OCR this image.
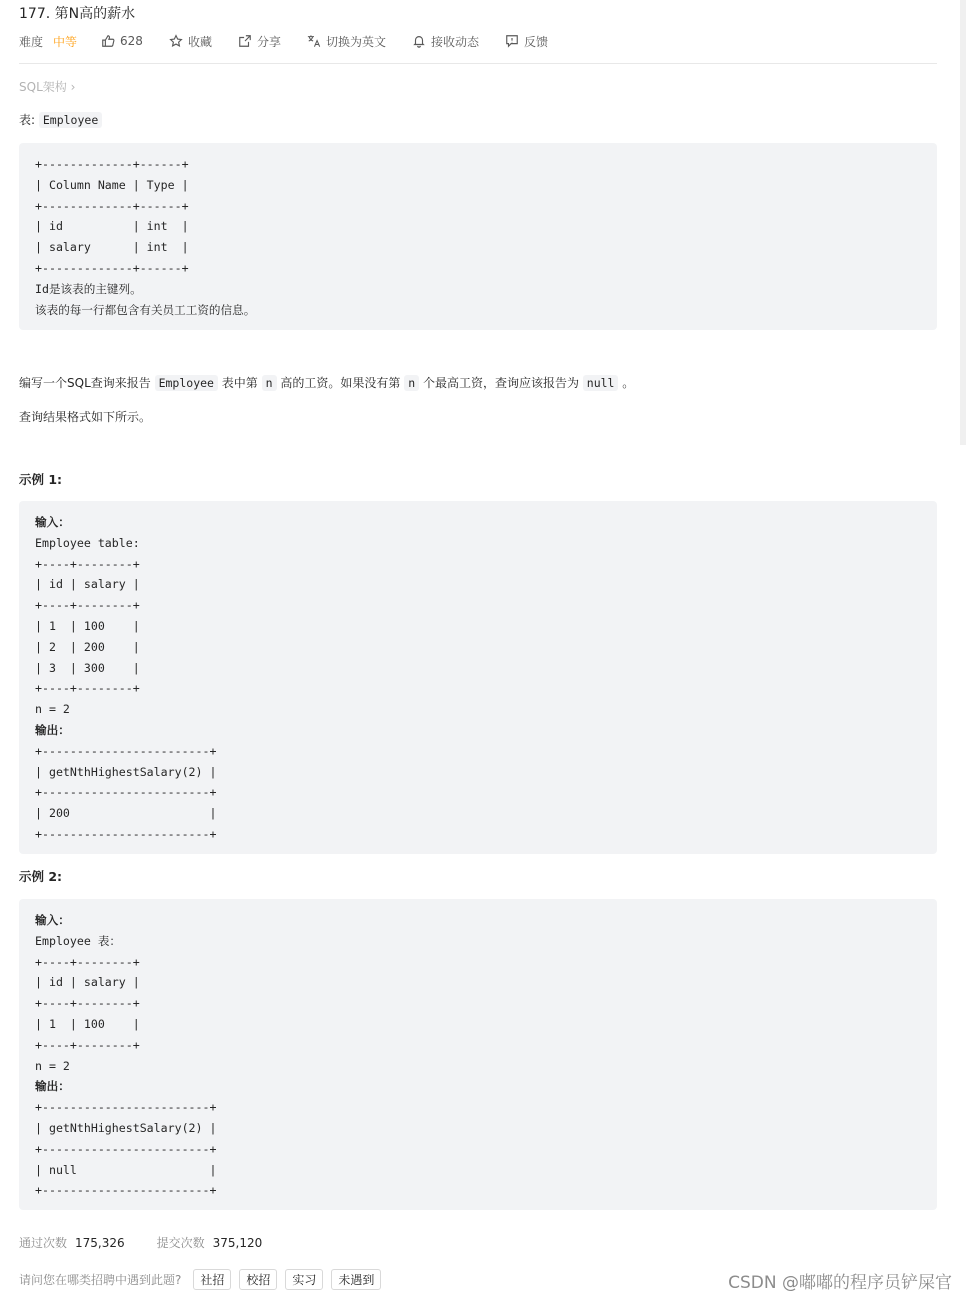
177. 第N高的薪水
难度 中等	628	收藏	分享	切换为英文	接收动态	反馈
SQL架构 ›
表: Employee
+-------------+------+
| Column Name | Type |
+-------------+------+
| id          | int  |
| salary      | int  |
+-------------+------+
Id是该表的主键列。
该表的每一行都包含有关员工工资的信息。
编写一个SQL查询来报告 Employee 表中第 n 高的工资。如果没有第 n 个最高工资，查询应该报告为 null 。
查询结果格式如下所示。
示例 1:
输入：
Employee table:
+----+--------+
| id | salary |
+----+--------+
| 1  | 100    |
| 2  | 200    |
| 3  | 300    |
+----+--------+
n = 2
输出：
+------------------------+
| getNthHighestSalary(2) |
+------------------------+
| 200                    |
+------------------------+
示例 2:
输入：
Employee 表：
+----+--------+
| id | salary |
+----+--------+
| 1  | 100    |
+----+--------+
n = 2
输出：
+------------------------+
| getNthHighestSalary(2) |
+------------------------+
| null                   |
+------------------------+
通过次数 175,326	提交次数 375,120
请问您在哪类招聘中遇到此题?	社招	校招	实习	未遇到	CSDN @嘟嘟的程序员铲屎官
